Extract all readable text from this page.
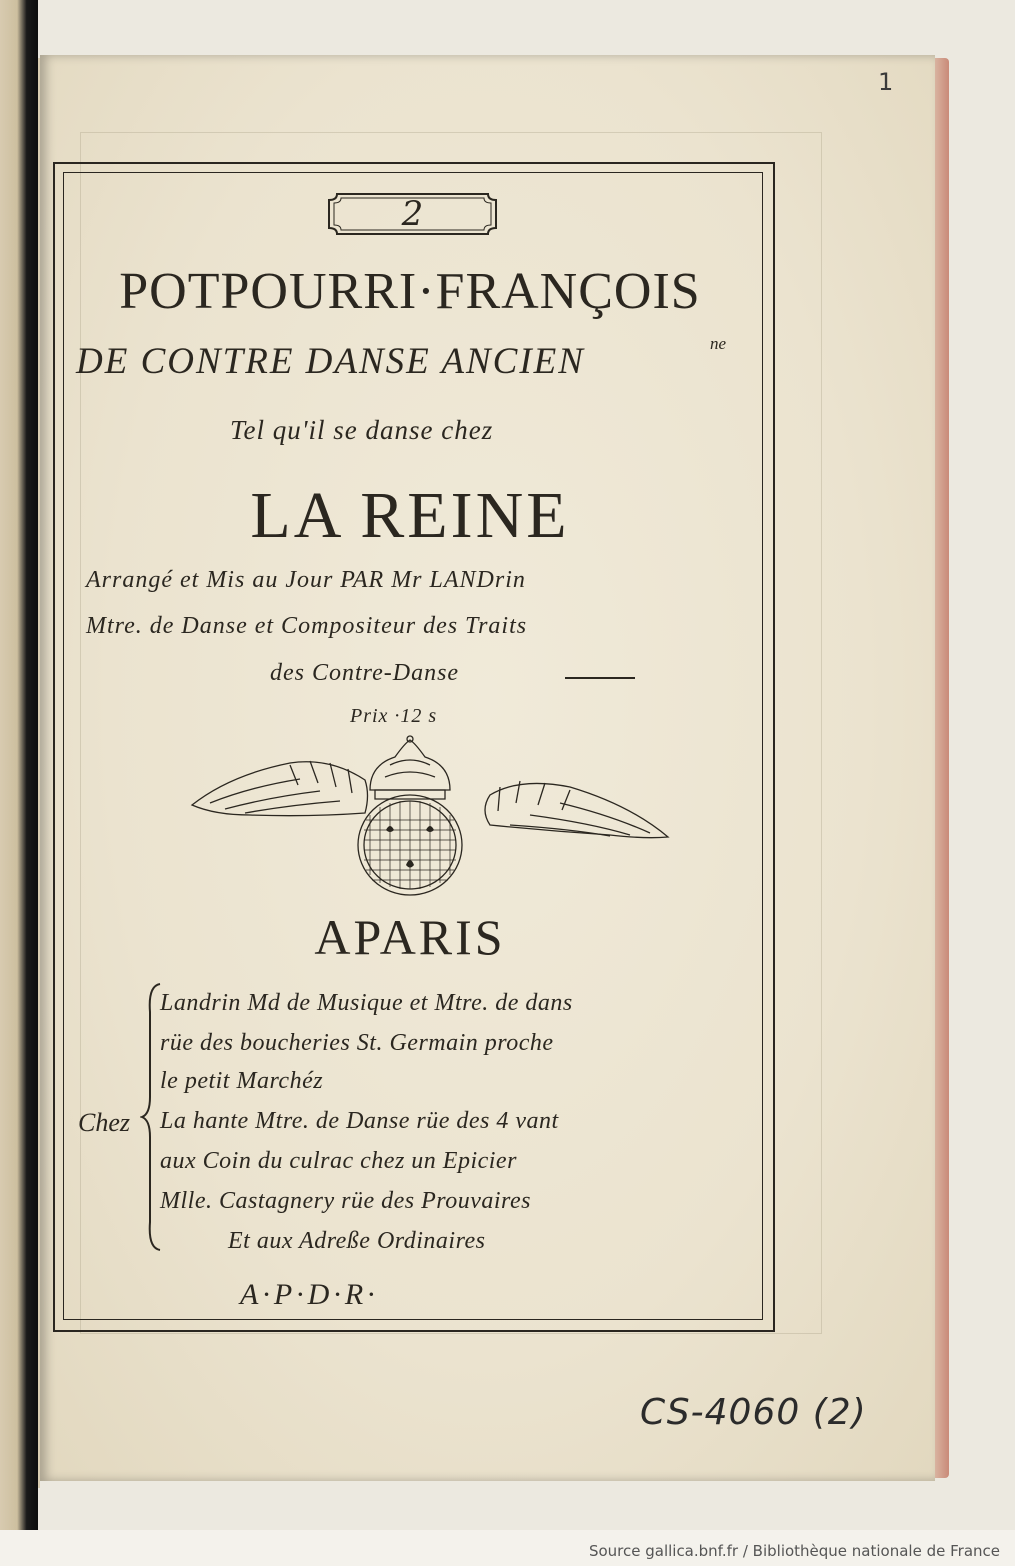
1
2
POTPOURRI·FRANÇOIS
DE CONTRE DANSE ANCIEN	ne
Tel qu'il se danse chez
LA REINE
Arrangé et Mis au Jour PAR Mr LANDrin
Mtre. de Danse et Compositeur des Traits
des Contre-Danse
Prix ·12 s
APARIS
Chez
Landrin Md de Musique et Mtre. de dans
rüe des boucheries St. Germain proche
le petit Marchéz
La hante Mtre. de Danse rüe des 4 vant
aux Coin du culrac chez un Epicier
Mlle. Castagnery rüe des Prouvaires
Et aux Adreße Ordinaires
A·P·D·R·
CS-4060 (2)
Source gallica.bnf.fr / Bibliothèque nationale de France
